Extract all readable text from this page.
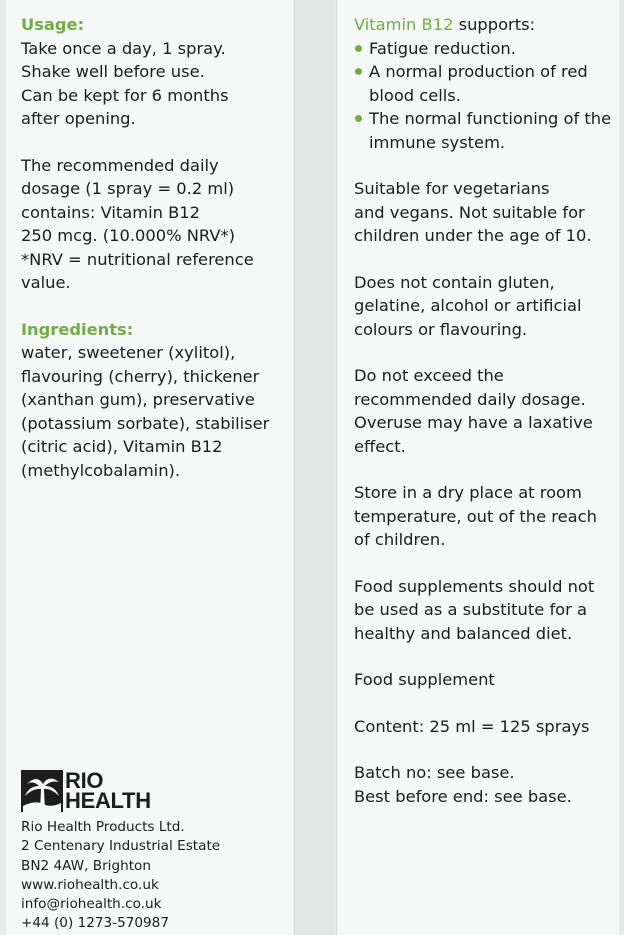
Usage:

Take once a day, 1 spray.
Shake well before use.
Can be kept for 6 months
after opening.

The recommended daily
dosage (1 spray = 0.2 ml)
contains: Vitamin B12
250 mcg. (10.000% NRV*)
*NRV = nutritional reference
value.

Ingredients:

water, sweetener (xylitol),
flavouring (cherry), thickener
(xanthan gum), preservative
(potassium sorbate), stabiliser
(citric acid), Vitamin B12
(methylcobalamin).

RIO
HEALTH

Rio Health Products Ltd.
2 Centenary Industrial Estate
BN2 4AW, Brighton
www.riohealth.co.uk
info@riohealth.co.uk
+44 (0) 1273-570987

Vitamin B12 supports:

Fatigue reduction.
A normal production of red blood cells.
The normal functioning of the immune system.

Suitable for vegetarians
and vegans. Not suitable for
children under the age of 10.

Does not contain gluten,
gelatine, alcohol or artificial
colours or flavouring.

Do not exceed the
recommended daily dosage.
Overuse may have a laxative
effect.

Store in a dry place at room
temperature, out of the reach
of children.

Food supplements should not
be used as a substitute for a
healthy and balanced diet.

Food supplement

Content: 25 ml = 125 sprays

Batch no: see base.
Best before end: see base.
